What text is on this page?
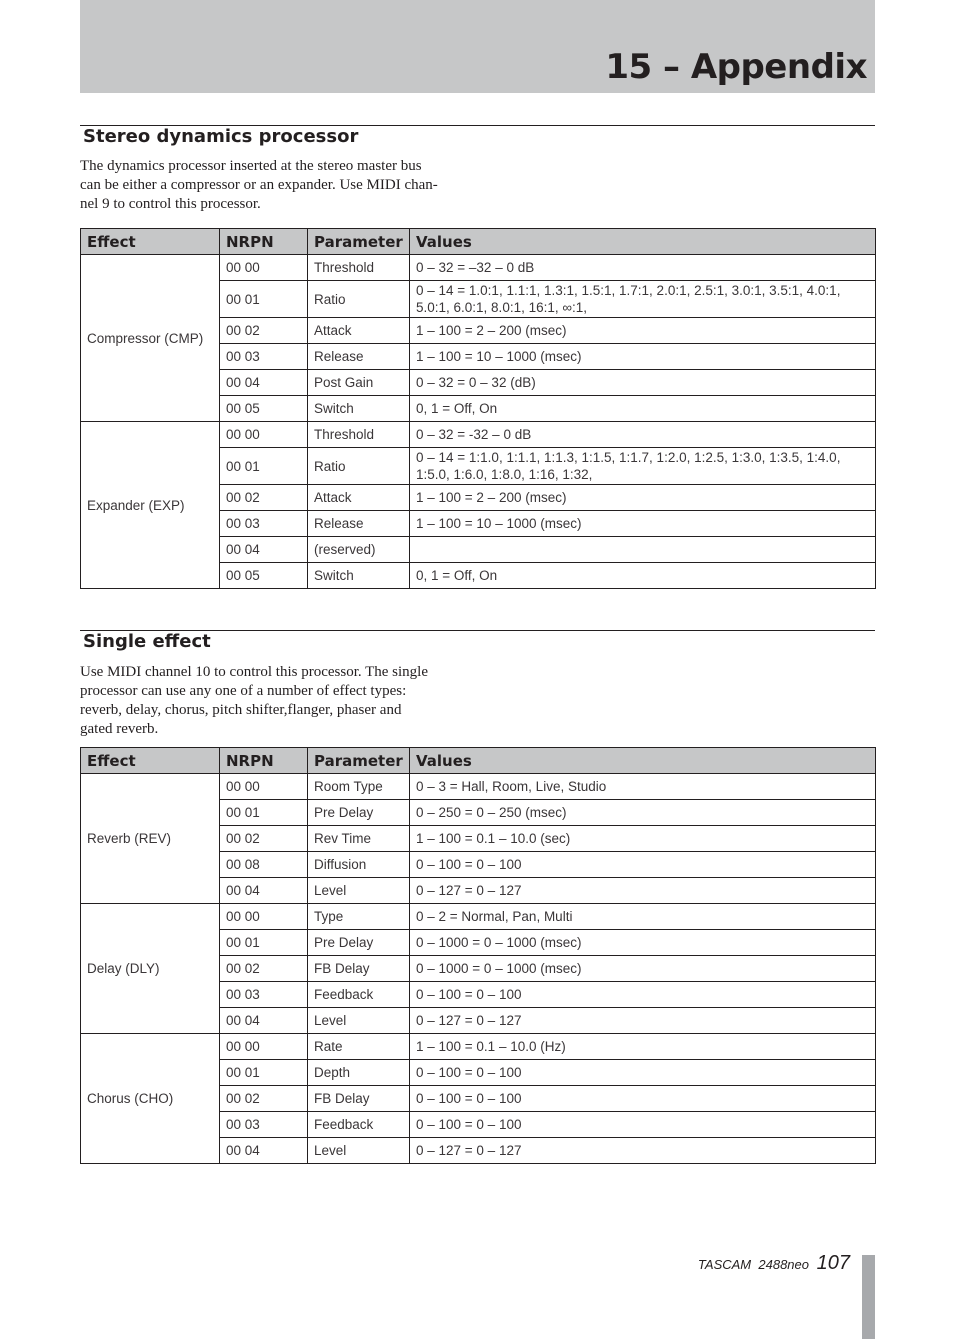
15 – Appendix
Stereo dynamics processor

The dynamics processor inserted at the stereo master bus
can be either a compressor or an expander. Use MIDI chan-
nel 9 to control this processor.

Effect	NRPN	Parameter	Values
Compressor (CMP)	00 00	Threshold	0 – 32 = –32 – 0 dB

	00 01	Ratio	0 – 14 = 1.0:1, 1.1:1, 1.3:1, 1.5:1, 1.7:1, 2.0:1, 2.5:1, 3.0:1, 3.5:1, 4.0:1,
5.0:1, 6.0:1, 8.0:1, 16:1, ∞:1,

	00 02	Attack	1 – 100 = 2 – 200 (msec)

	00 03	Release	1 – 100 = 10 – 1000 (msec)

	00 04	Post Gain	0 – 32 = 0 – 32 (dB)

	00 05	Switch	0, 1 = Off, On

Expander (EXP)	00 00	Threshold	0 – 32 = -32 – 0 dB

	00 01	Ratio	0 – 14 = 1:1.0, 1:1.1, 1:1.3, 1:1.5, 1:1.7, 1:2.0, 1:2.5, 1:3.0, 1:3.5, 1:4.0,
1:5.0, 1:6.0, 1:8.0, 1:16, 1:32,

	00 02	Attack	1 – 100 = 2 – 200 (msec)

	00 03	Release	1 – 100 = 10 – 1000 (msec)

	00 04	(reserved)	

	00 05	Switch	0, 1 = Off, On
Single effect

Use MIDI channel 10 to control this processor. The single
processor can use any one of a number of effect types:
reverb, delay, chorus, pitch shifter,flanger, phaser and
gated reverb.

Effect	NRPN	Parameter	Values
Reverb (REV)	00 00	Room Type	0 – 3 = Hall, Room, Live, Studio

	00 01	Pre Delay	0 – 250 = 0 – 250 (msec)

	00 02	Rev Time	1 – 100 = 0.1 – 10.0 (sec)

	00 08	Diffusion	0 – 100 = 0 – 100

	00 04	Level	0 – 127 = 0 – 127

Delay (DLY)	00 00	Type	0 – 2 = Normal, Pan, Multi

	00 01	Pre Delay	0 – 1000 = 0 – 1000 (msec)

	00 02	FB Delay	0 – 1000 = 0 – 1000 (msec)

	00 03	Feedback	0 – 100 = 0 – 100

	00 04	Level	0 – 127 = 0 – 127

Chorus (CHO)	00 00	Rate	1 – 100 = 0.1 – 10.0 (Hz)

	00 01	Depth	0 – 100 = 0 – 100

	00 02	FB Delay	0 – 100 = 0 – 100

	00 03	Feedback	0 – 100 = 0 – 100

	00 04	Level	0 – 127 = 0 – 127

TASCAM 2488neo 107
